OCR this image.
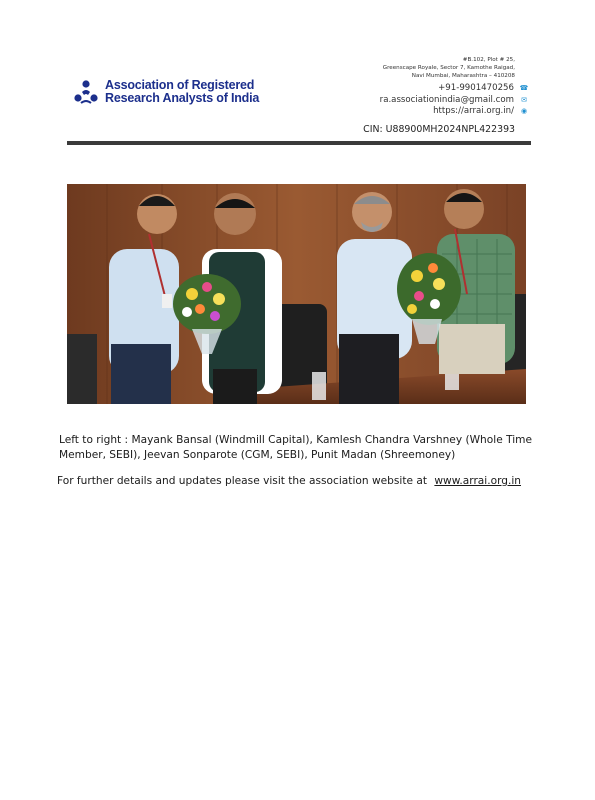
Association of Registered
Research Analysts of India
#B.102, Plot # 25,
Greenscape Royale, Sector 7, Kamothe Raigad,
Navi Mumbai, Maharashtra – 410208
+91-9901470256 ☎
ra.associationindia@gmail.com ✉
https://arrai.org.in/ ◉
CIN: U88900MH2024NPL422393
Left to right : Mayank Bansal (Windmill Capital), Kamlesh Chandra Varshney (Whole Time Member, SEBI), Jeevan Sonparote (CGM, SEBI), Punit Madan (Shreemoney)
For further details and updates please visit the association website at www.arrai.org.in
